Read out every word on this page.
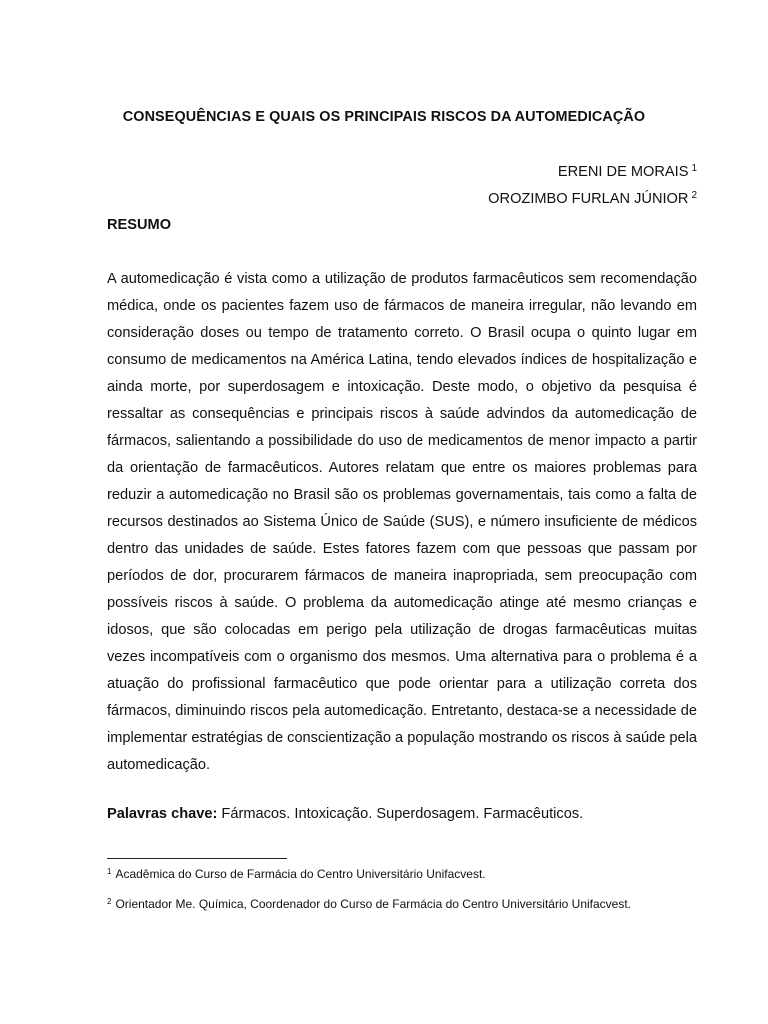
CONSEQUÊNCIAS E QUAIS OS PRINCIPAIS RISCOS DA AUTOMEDICAÇÃO
ERENI DE MORAIS $^1$
OROZIMBO FURLAN JÚNIOR $^2$
RESUMO

A automedicação é vista como a utilização de produtos farmacêuticos sem recomendação médica, onde os pacientes fazem uso de fármacos de maneira irregular, não levando em consideração doses ou tempo de tratamento correto. O Brasil ocupa o quinto lugar em consumo de medicamentos na América Latina, tendo elevados índices de hospitalização e ainda morte, por superdosagem e intoxicação. Deste modo, o objetivo da pesquisa é ressaltar as consequências e principais riscos à saúde advindos da automedicação de fármacos, salientando a possibilidade do uso de medicamentos de menor impacto a partir da orientação de farmacêuticos. Autores relatam que entre os maiores problemas para reduzir a automedicação no Brasil são os problemas governamentais, tais como a falta de recursos destinados ao Sistema Único de Saúde (SUS), e número insuficiente de médicos dentro das unidades de saúde. Estes fatores fazem com que pessoas que passam por períodos de dor, procurarem fármacos de maneira inapropriada, sem preocupação com possíveis riscos à saúde. O problema da automedicação atinge até mesmo crianças e idosos, que são colocadas em perigo pela utilização de drogas farmacêuticas muitas vezes incompatíveis com o organismo dos mesmos. Uma alternativa para o problema é a atuação do profissional farmacêutico que pode orientar para a utilização correta dos fármacos, diminuindo riscos pela automedicação. Entretanto, destaca-se a necessidade de implementar estratégias de conscientização a população mostrando os riscos à saúde pela automedicação.

Palavras chave: Fármacos. Intoxicação. Superdosagem. Farmacêuticos.

$^1$ Acadêmica do Curso de Farmácia do Centro Universitário Unifacvest.

$^2$ Orientador Me. Química, Coordenador do Curso de Farmácia do Centro Universitário Unifacvest.
